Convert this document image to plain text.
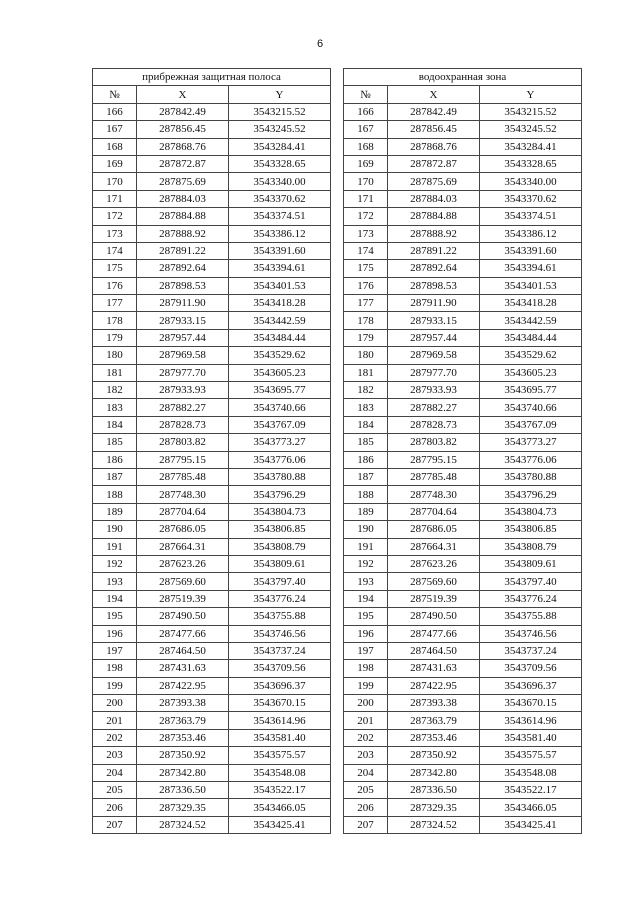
6
прибрежная защитная полоса		
№	X	Y
166	287842.49	3543215.52
167	287856.45	3543245.52
168	287868.76	3543284.41
169	287872.87	3543328.65
170	287875.69	3543340.00
171	287884.03	3543370.62
172	287884.88	3543374.51
173	287888.92	3543386.12
174	287891.22	3543391.60
175	287892.64	3543394.61
176	287898.53	3543401.53
177	287911.90	3543418.28
178	287933.15	3543442.59
179	287957.44	3543484.44
180	287969.58	3543529.62
181	287977.70	3543605.23
182	287933.93	3543695.77
183	287882.27	3543740.66
184	287828.73	3543767.09
185	287803.82	3543773.27
186	287795.15	3543776.06
187	287785.48	3543780.88
188	287748.30	3543796.29
189	287704.64	3543804.73
190	287686.05	3543806.85
191	287664.31	3543808.79
192	287623.26	3543809.61
193	287569.60	3543797.40
194	287519.39	3543776.24
195	287490.50	3543755.88
196	287477.66	3543746.56
197	287464.50	3543737.24
198	287431.63	3543709.56
199	287422.95	3543696.37
200	287393.38	3543670.15
201	287363.79	3543614.96
202	287353.46	3543581.40
203	287350.92	3543575.57
204	287342.80	3543548.08
205	287336.50	3543522.17
206	287329.35	3543466.05
207	287324.52	3543425.41
водоохранная зона		
№	X	Y
166	287842.49	3543215.52
167	287856.45	3543245.52
168	287868.76	3543284.41
169	287872.87	3543328.65
170	287875.69	3543340.00
171	287884.03	3543370.62
172	287884.88	3543374.51
173	287888.92	3543386.12
174	287891.22	3543391.60
175	287892.64	3543394.61
176	287898.53	3543401.53
177	287911.90	3543418.28
178	287933.15	3543442.59
179	287957.44	3543484.44
180	287969.58	3543529.62
181	287977.70	3543605.23
182	287933.93	3543695.77
183	287882.27	3543740.66
184	287828.73	3543767.09
185	287803.82	3543773.27
186	287795.15	3543776.06
187	287785.48	3543780.88
188	287748.30	3543796.29
189	287704.64	3543804.73
190	287686.05	3543806.85
191	287664.31	3543808.79
192	287623.26	3543809.61
193	287569.60	3543797.40
194	287519.39	3543776.24
195	287490.50	3543755.88
196	287477.66	3543746.56
197	287464.50	3543737.24
198	287431.63	3543709.56
199	287422.95	3543696.37
200	287393.38	3543670.15
201	287363.79	3543614.96
202	287353.46	3543581.40
203	287350.92	3543575.57
204	287342.80	3543548.08
205	287336.50	3543522.17
206	287329.35	3543466.05
207	287324.52	3543425.41
